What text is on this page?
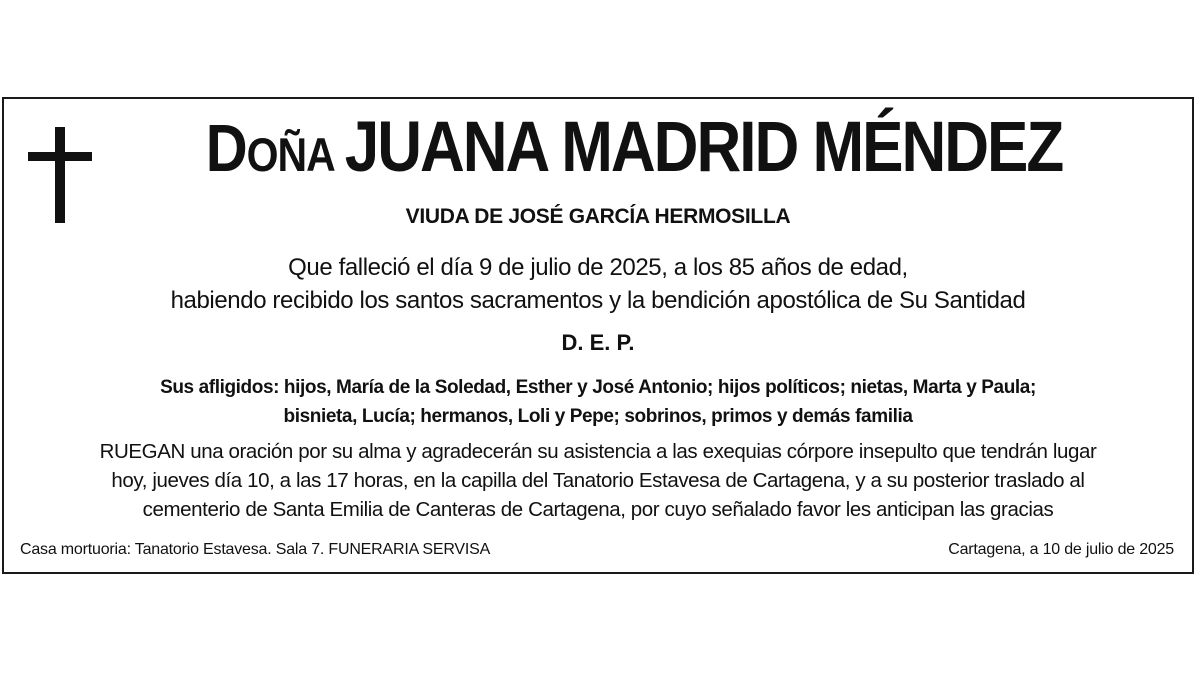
Doña JUANA MADRID MÉNDEZ
VIUDA DE JOSÉ GARCÍA HERMOSILLA
Que falleció el día 9 de julio de 2025, a los 85 años de edad,
habiendo recibido los santos sacramentos y la bendición apostólica de Su Santidad
D. E. P.
Sus afligidos: hijos, María de la Soledad, Esther y José Antonio; hijos políticos; nietas, Marta y Paula;
bisnieta, Lucía; hermanos, Loli y Pepe; sobrinos, primos y demás familia
RUEGAN una oración por su alma y agradecerán su asistencia a las exequias córpore insepulto que tendrán lugar
hoy, jueves día 10, a las 17 horas, en la capilla del Tanatorio Estavesa de Cartagena, y a su posterior traslado al
cementerio de Santa Emilia de Canteras de Cartagena, por cuyo señalado favor les anticipan las gracias
Casa mortuoria: Tanatorio Estavesa. Sala 7. FUNERARIA SERVISA	Cartagena, a 10 de julio de 2025
